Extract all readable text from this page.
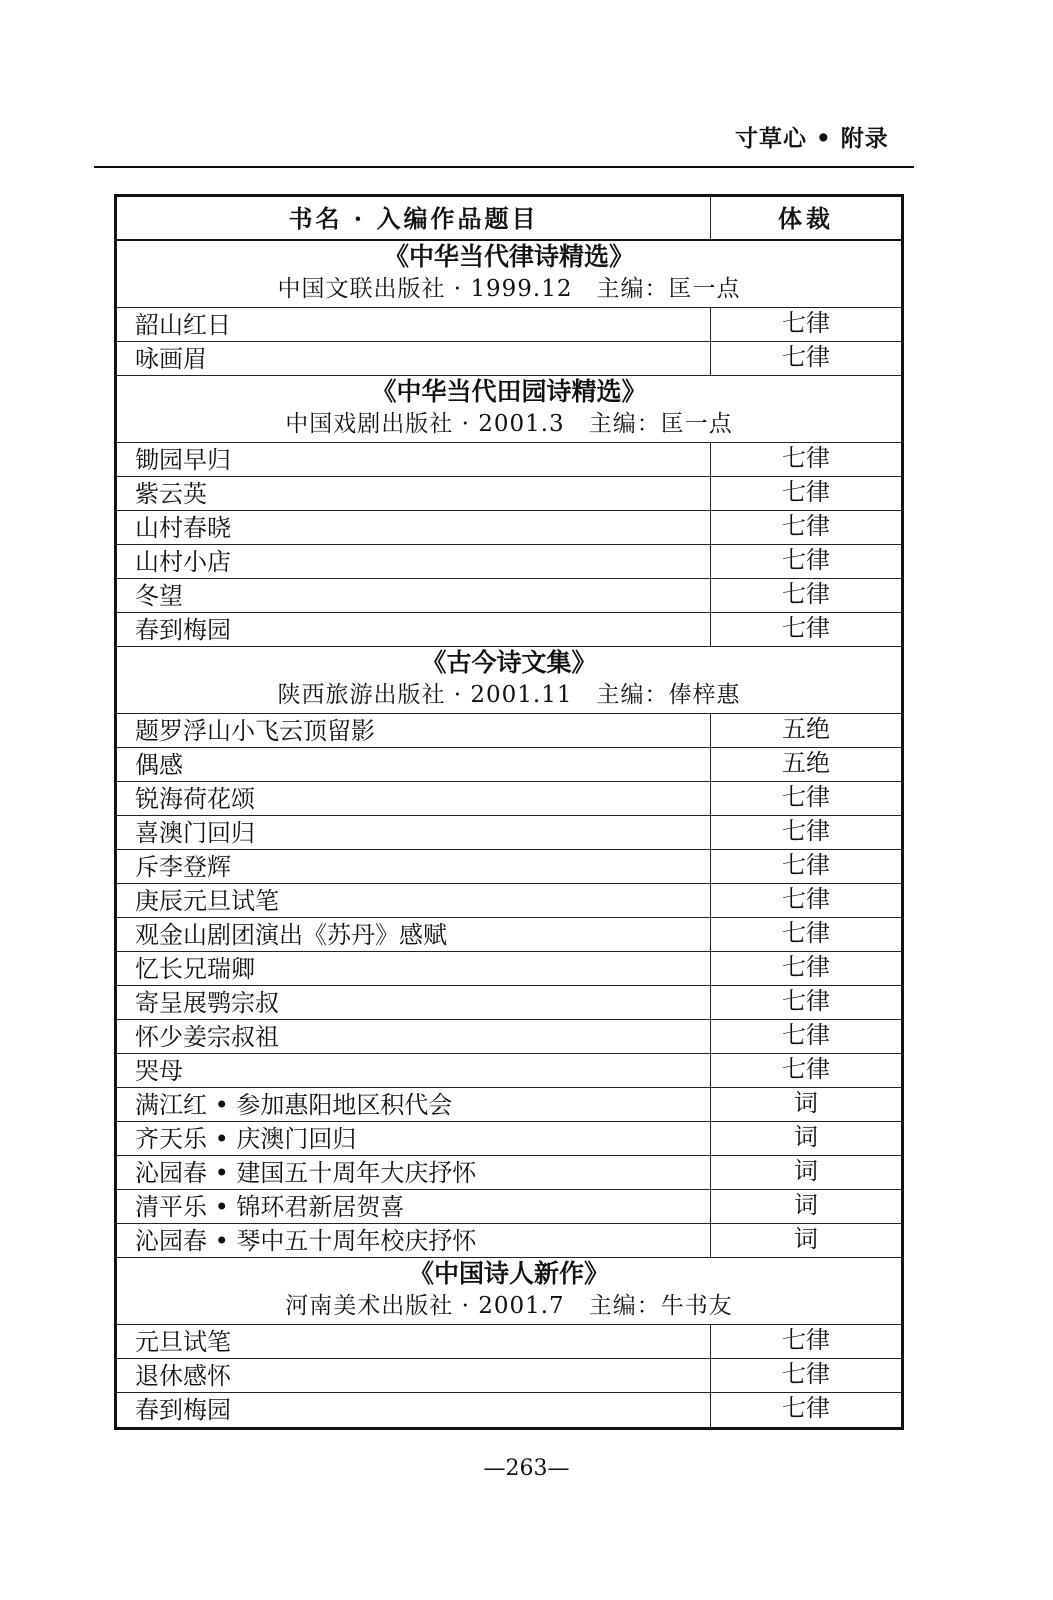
寸草心 • 附录
书名 · 入编作品题目	体裁
《中华当代律诗精选》
中国文联出版社 · 1999.12　主编：匡一点
韶山红日	七律
咏画眉	七律
《中华当代田园诗精选》
中国戏剧出版社 · 2001.3　主编：匡一点
锄园早归	七律
紫云英	七律
山村春晓	七律
山村小店	七律
冬望	七律
春到梅园	七律
《古今诗文集》
陕西旅游出版社 · 2001.11　主编：俸梓惠
题罗浮山小飞云顶留影	五绝
偶感	五绝
锐海荷花颂	七律
喜澳门回归	七律
斥李登辉	七律
庚辰元旦试笔	七律
观金山剧团演出《苏丹》感赋	七律
忆长兄瑞卿	七律
寄呈展鹗宗叔	七律
怀少姜宗叔祖	七律
哭母	七律
满江红 • 参加惠阳地区积代会	词
齐天乐 • 庆澳门回归	词
沁园春 • 建国五十周年大庆抒怀	词
清平乐 • 锦环君新居贺喜	词
沁园春 • 琴中五十周年校庆抒怀	词
《中国诗人新作》
河南美术出版社 · 2001.7　主编：牛书友
元旦试笔	七律
退休感怀	七律
春到梅园	七律
—263—
